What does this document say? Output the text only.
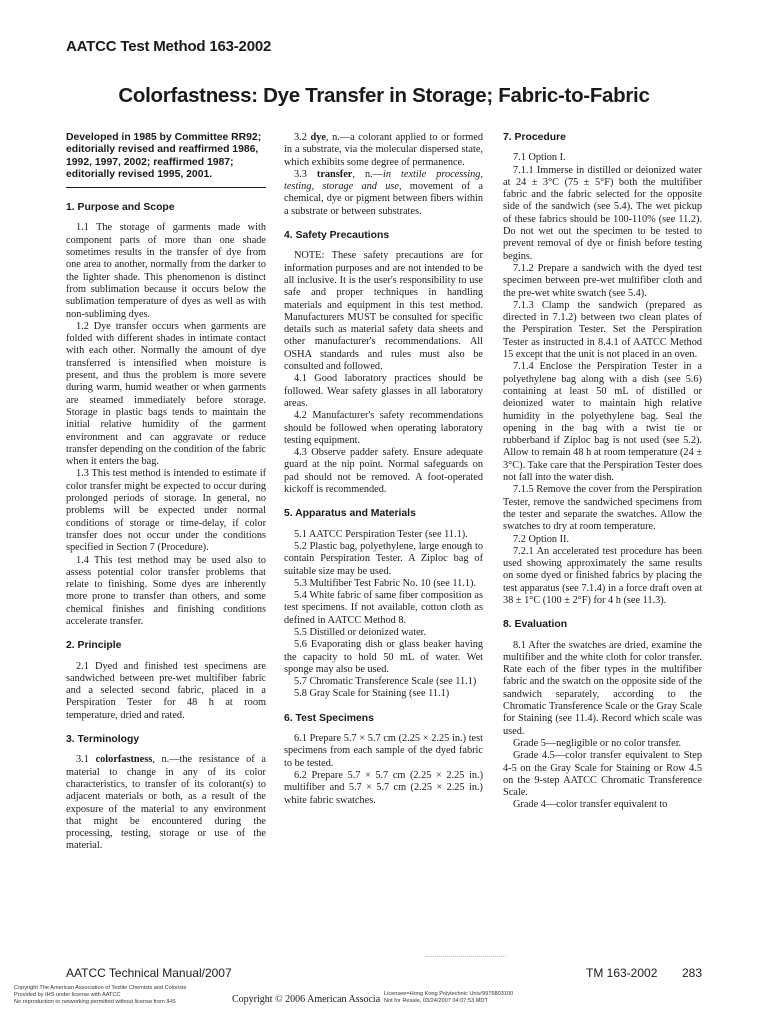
AATCC Test Method 163-2002
Colorfastness: Dye Transfer in Storage; Fabric-to-Fabric
Developed in 1985 by Committee RR92; editorially revised and reaffirmed 1986, 1992, 1997, 2002; reaffirmed 1987; editorially revised 1995, 2001.
1. Purpose and Scope

1.1 The storage of garments made with component parts of more than one shade sometimes results in the transfer of dye from one area to another, normally from the darker to the lighter shade. This phenomenon is distinct from sublimation because it occurs below the sublimation temperature of dyes as well as with non-subliming dyes.

1.2 Dye transfer occurs when garments are folded with different shades in intimate contact with each other. Normally the amount of dye transferred is intensified when moisture is present, and thus the problem is more severe during warm, humid weather or when garments are steamed immediately before storage. Storage in plastic bags tends to maintain the initial relative humidity of the garment environment and can aggravate or reduce transfer depending on the condition of the fabric when it enters the bag.

1.3 This test method is intended to estimate if color transfer might be expected to occur during prolonged periods of storage. In general, no problems will be expected under normal conditions of storage or time-delay, if color transfer does not occur under the conditions specified in Section 7 (Procedure).

1.4 This test method may be used also to assess potential color transfer problems that relate to finishing. Some dyes are inherently more prone to transfer than others, and some chemical finishes and finishing conditions accelerate transfer.

2. Principle

2.1 Dyed and finished test specimens are sandwiched between pre-wet multifiber fabric and a selected second fabric, placed in a Perspiration Tester for 48 h at room temperature, dried and rated.

3. Terminology

3.1 colorfastness, n.—the resistance of a material to change in any of its color characteristics, to transfer of its colorant(s) to adjacent materials or both, as a result of the exposure of the material to any environment that might be encountered during the processing, testing, storage or use of the material.

3.2 dye, n.—a colorant applied to or formed in a substrate, via the molecular dispersed state, which exhibits some degree of permanence.

3.3 transfer, n.—in textile processing, testing, storage and use, movement of a chemical, dye or pigment between fibers within a substrate or between substrates.

4. Safety Precautions

NOTE: These safety precautions are for information purposes and are not intended to be all inclusive. It is the user's responsibility to use safe and proper techniques in handling materials and equipment in this test method. Manufacturers MUST be consulted for specific details such as material safety data sheets and other manufacturer's recommendations. All OSHA standards and rules must also be consulted and followed.

4.1 Good laboratory practices should be followed. Wear safety glasses in all laboratory areas.

4.2 Manufacturer's safety recommendations should be followed when operating laboratory testing equipment.

4.3 Observe padder safety. Ensure adequate guard at the nip point. Normal safeguards on pad should not be removed. A foot-operated kickoff is recommended.

5. Apparatus and Materials

5.1 AATCC Perspiration Tester (see 11.1).

5.2 Plastic bag, polyethylene, large enough to contain Perspiration Tester. A Ziploc bag of suitable size may be used.

5.3 Multifiber Test Fabric No. 10 (see 11.1).

5.4 White fabric of same fiber composition as test specimens. If not available, cotton cloth as defined in AATCC Method 8.

5.5 Distilled or deionized water.

5.6 Evaporating dish or glass beaker having the capacity to hold 50 mL of water. Wet sponge may also be used.

5.7 Chromatic Transference Scale (see 11.1)

5.8 Gray Scale for Staining (see 11.1)

6. Test Specimens

6.1 Prepare 5.7 × 5.7 cm (2.25 × 2.25 in.) test specimens from each sample of the dyed fabric to be tested.

6.2 Prepare 5.7 × 5.7 cm (2.25 × 2.25 in.) multifiber and 5.7 × 5.7 cm (2.25 × 2.25 in.) white fabric swatches.

7. Procedure

7.1 Option I.

7.1.1 Immerse in distilled or deionized water at 24 ± 3°C (75 ± 5°F) both the multifiber fabric and the fabric selected for the opposite side of the sandwich (see 5.4). The wet pickup of these fabrics should be 100-110% (see 11.2). Do not wet out the specimen to be tested to prevent removal of dye or finish before testing begins.

7.1.2 Prepare a sandwich with the dyed test specimen between pre-wet multifiber cloth and the pre-wet white swatch (see 5.4).

7.1.3 Clamp the sandwich (prepared as directed in 7.1.2) between two clean plates of the Perspiration Tester. Set the Perspiration Tester as instructed in 8.4.1 of AATCC Method 15 except that the unit is not placed in an oven.

7.1.4 Enclose the Perspiration Tester in a polyethylene bag along with a dish (see 5.6) containing at least 50 mL of distilled or deionized water to maintain high relative humidity in the polyethylene bag. Seal the opening in the bag with a twist tie or rubberband if Ziploc bag is not used (see 5.2). Allow to remain 48 h at room temperature (24 ± 3°C). Take care that the Perspiration Tester does not fall into the water dish.

7.1.5 Remove the cover from the Perspiration Tester, remove the sandwiched specimens from the tester and separate the swatches. Allow the swatches to dry at room temperature.

7.2 Option II.

7.2.1 An accelerated test procedure has been used showing approximately the same results on some dyed or finished fabrics by placing the test apparatus (see 7.1.4) in a force draft oven at 38 ± 1°C (100 ± 2°F) for 4 h (see 11.3).

8. Evaluation

8.1 After the swatches are dried, examine the multifiber and the white cloth for color transfer. Rate each of the fiber types in the multifiber fabric and the swatch on the opposite side of the sandwich separately, according to the Chromatic Transference Scale or the Gray Scale for Staining (see 11.4). Record which scale was used.

Grade 5—negligible or no color transfer.

Grade 4.5—color transfer equivalent to Step 4-5 on the Gray Scale for Staining or Row 4.5 on the 9-step AATCC Chromatic Transference Scale.

Grade 4—color transfer equivalent to

AATCC Technical Manual/2007	TM 163-2002 283
Copyright The American Association of Textile Chemists and Colorists
Provided by IHS under license with AATCC
No reproduction or networking permitted without license from IHS	Copyright © 2006 American Associa Licensee=Hong Kong Polytechnic Univ/9976803100
Not for Resale, 03/24/2007 04:07:53 MDT
